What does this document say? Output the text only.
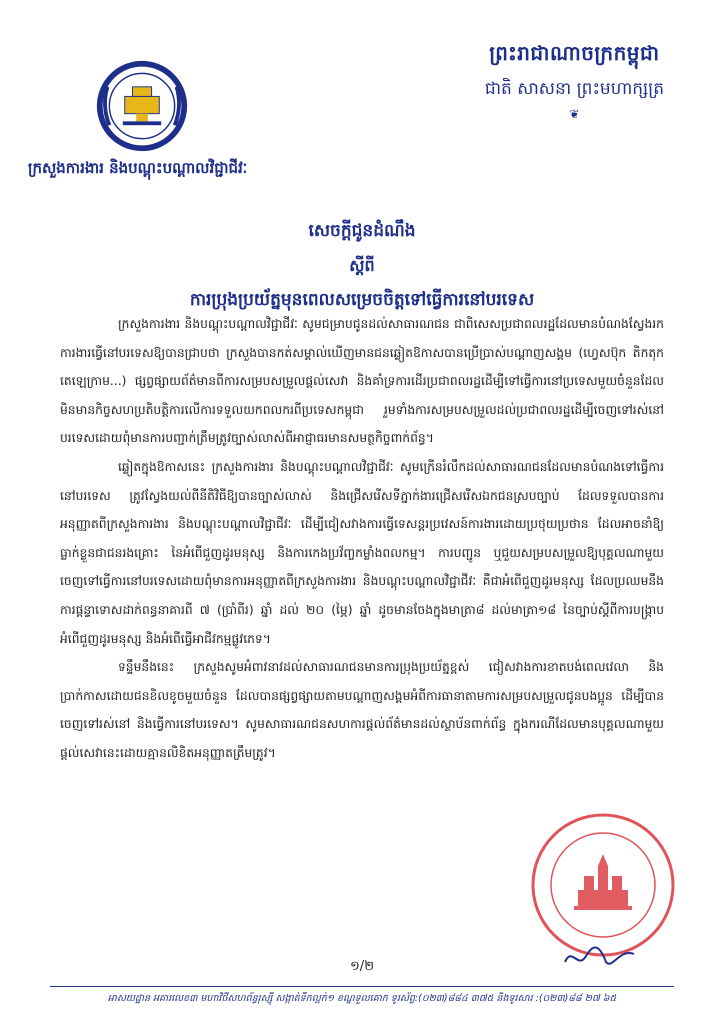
ព្រះរាជាណាចក្រកម្ពុជា
ជាតិ សាសនា ព្រះមហាក្សត្រ
❦
ក្រសួងការងារ និងបណ្តុះបណ្តាលវិជ្ជាជីវៈ
សេចក្តីជូនដំណឹង
ស្តីពី
ការប្រុងប្រយ័ត្នមុនពេលសម្រេចចិត្តទៅធ្វើការនៅបរទេស

ក្រសួងការងារ និងបណ្តុះបណ្តាលវិជ្ជាជីវៈ សូមជម្រាបជូនដល់សាធារណជន ជាពិសេសប្រជាពលរដ្ឋដែលមានបំណងស្វែងរកការងារធ្វើនៅបរទេសឱ្យបានជ្រាបថា ក្រសួងបានកត់សម្គាល់ឃើញមានជនឆ្លៀតឱកាសបានប្រើប្រាស់បណ្តាញសង្គម (ហ្វេសប៊ុក តិកតុក តេឡេក្រាម...) ផ្សព្វផ្សាយព័ត៌មានពីការសម្របសម្រួលផ្តល់សេវា និងគាំទ្រការដើរប្រជាពលរដ្ឋដើម្បីទៅធ្វើការនៅប្រទេសមួយចំនួនដែលមិនមានកិច្ចសហប្រតិបត្តិការលើការទទួលយកពលករពីប្រទេសកម្ពុជា រួមទាំងការសម្របសម្រួលដល់ប្រជាពលរដ្ឋដើម្បីចេញទៅរស់នៅបរទេសដោយពុំមានការបញ្ជាក់ត្រឹមត្រូវច្បាស់លាស់ពីអាជ្ញាធរមានសមត្ថកិច្ចពាក់ព័ន្ធ។

ឆ្លៀតក្នុងឱកាសនេះ ក្រសួងការងារ និងបណ្តុះបណ្តាលវិជ្ជាជីវៈ សូមក្រើនរំលឹកដល់សាធារណជនដែលមានបំណងទៅធ្វើការនៅបរទេស ត្រូវស្វែងយល់ពីនីតិវិធីឱ្យបានច្បាស់លាស់ និងជ្រើសរើសទីភ្នាក់ងារជ្រើសរើសឯកជនស្របច្បាប់ ដែលទទួលបានការអនុញ្ញាតពីក្រសួងការងារ និងបណ្តុះបណ្តាលវិជ្ជាជីវៈ ដើម្បីជៀសវាងការធ្វើទេសន្តរប្រវេសន៍ការងារដោយប្រថុយប្រថាន ដែលអាចនាំឱ្យធ្លាក់ខ្លួនជាជនរងគ្រោះ នៃអំពើជួញដូរមនុស្ស និងការកេងប្រវ័ញ្ចកម្លាំងពលកម្ម។ ការបញ្ជូន ឬជួយសម្របសម្រួលឱ្យបុគ្គលណាមួយចេញទៅធ្វើការនៅបរទេសដោយពុំមានការអនុញ្ញាតពីក្រសួងការងារ និងបណ្តុះបណ្តាលវិជ្ជាជីវៈ គឺជាអំពើជួញដូរមនុស្ស ដែលប្រឈមនឹងការផ្តន្ទាទោសដាក់ពន្ធនាគារពី ៧ (ប្រាំពីរ) ឆ្នាំ ដល់ ២០ (ម្ភៃ) ឆ្នាំ ដូចមានចែងក្នុងមាត្រា៨ ដល់មាត្រា១៨ នៃច្បាប់ស្តីពីការបង្ក្រាបអំពើជួញដូរមនុស្ស និងអំពើធ្វើអាជីវកម្មផ្លូវភេទ។

ទន្ទឹមនឹងនេះ ក្រសួងសូមអំពាវនាវដល់សាធារណជនមានការប្រុងប្រយ័ត្នខ្ពស់ ជៀសវាងការខាតបង់ពេលវេលា និងប្រាក់កាសដោយជនខិលខូចមួយចំនួន ដែលបានផ្សព្វផ្សាយតាមបណ្តាញសង្គមអំពីការធានាតាមការសម្របសម្រួលជូនបងប្អូន ដើម្បីបានចេញទៅរស់នៅ និងធ្វើការនៅបរទេស។ សូមសាធារណជនសហការផ្តល់ព័ត៌មានដល់ស្ថាប័នពាក់ព័ន្ធ ក្នុងករណីដែលមានបុគ្គលណាមួយផ្តល់សេវានេះដោយគ្មានលិខិតអនុញ្ញាតត្រឹមត្រូវ។

១/២
អាសយដ្ឋាន អគារលេខ៣ មហាវិថីសហព័ន្ធរុស្ស៊ី សង្កាត់ទឹកល្អក់១ ខណ្ឌទួលគោក ទូរស័ព្ទ:(០២៣)៨៨៤ ៣៧៥ និងទូរសារ :(០២៣)៨៨ ២៧ ៦៥
